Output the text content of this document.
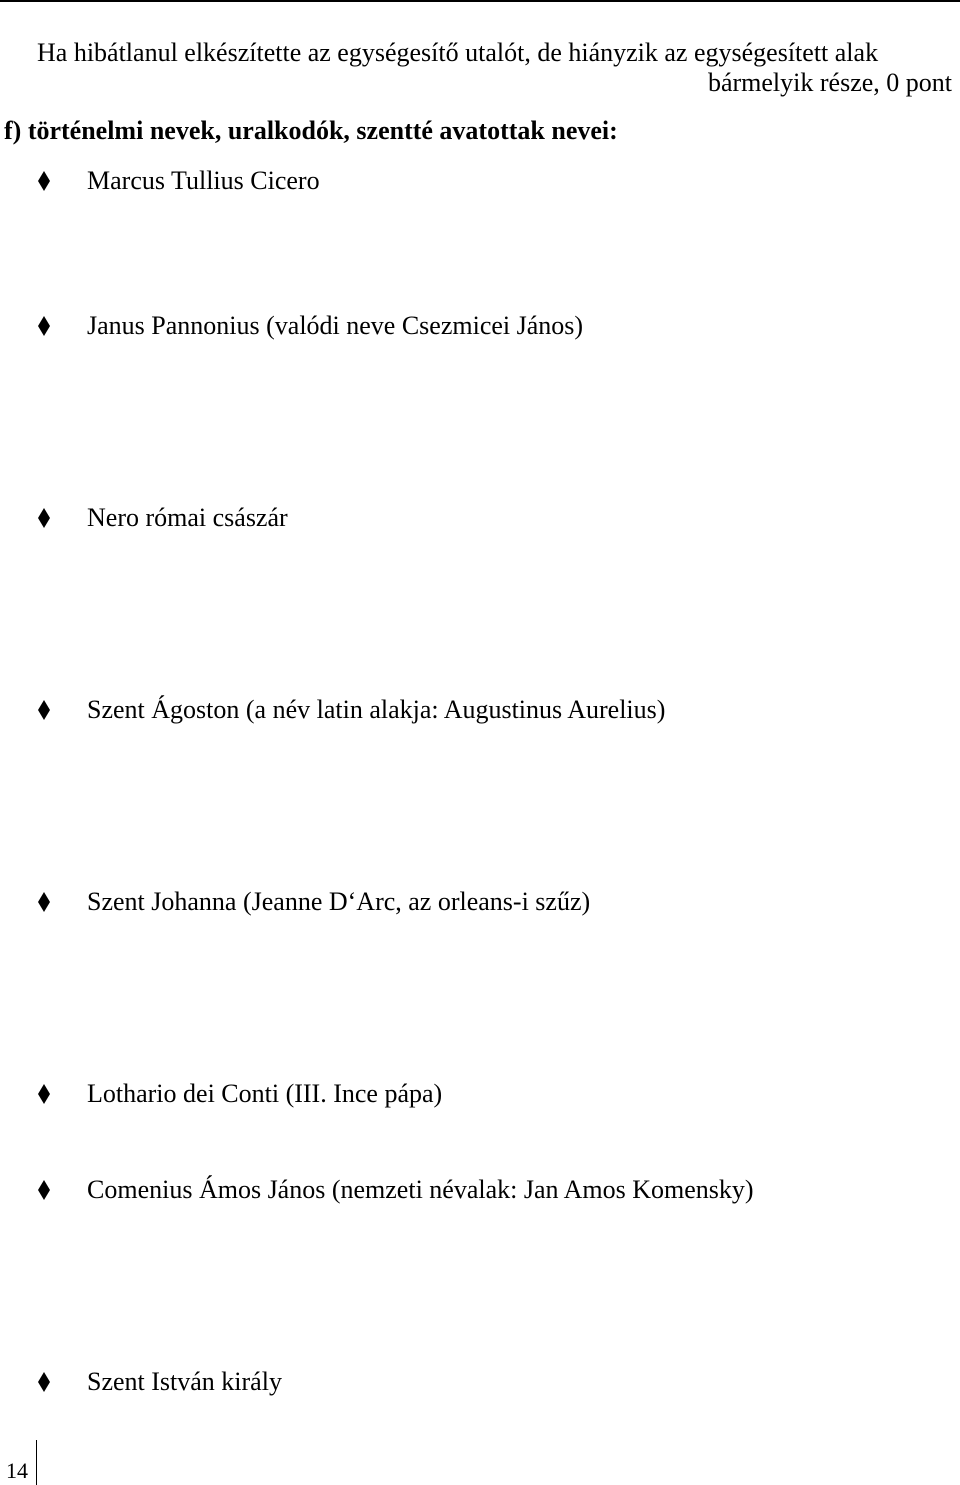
Ha hibátlanul elkészítette az egységesítő utalót, de hiányzik az egységesített alak
bármelyik része, 0 pont
f) történelmi nevek, uralkodók, szentté avatottak nevei:
Marcus Tullius Cicero
Janus Pannonius (valódi neve Csezmicei János)
Nero római császár
Szent Ágoston (a név latin alakja: Augustinus Aurelius)
Szent Johanna (Jeanne D‘Arc, az orleans-i szűz)
Lothario dei Conti (III. Ince pápa)
Comenius Ámos János (nemzeti névalak: Jan Amos Komensky)
Szent István király
14
